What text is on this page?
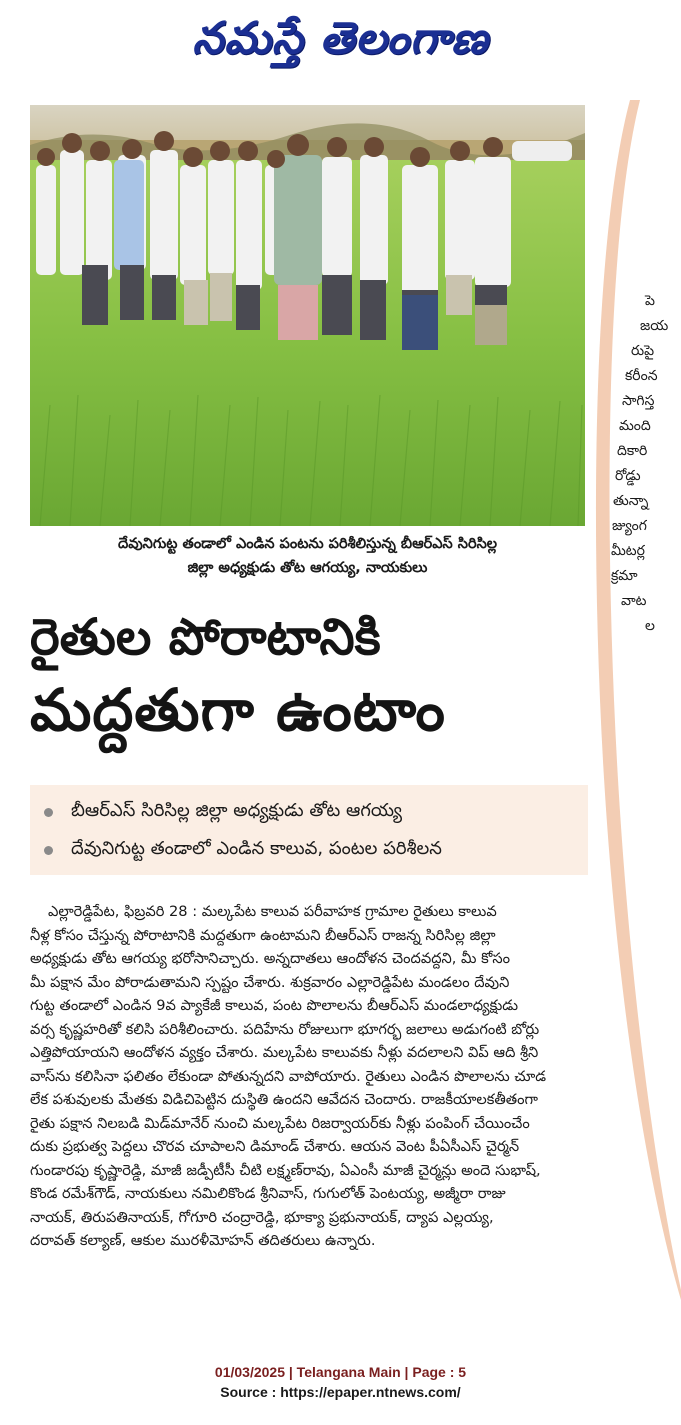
నమస్తే తెలంగాణ
పె
జయ
రుపై
కరీంన
సాగిస్త
మంది
దికారి
రోడ్డు
తున్నా
జ్యుంగ
మీటర్ల
క్రమా
వాట
ల
దేవునిగుట్ట తండాలో ఎండిన పంటను పరిశీలిస్తున్న బీఆర్‌ఎస్ సిరిసిల్ల
జిల్లా అధ్యక్షుడు తోట ఆగయ్య, నాయకులు
రైతుల పోరాటానికి
మద్దతుగా ఉంటాం
బీఆర్‌ఎస్ సిరిసిల్ల జిల్లా అధ్యక్షుడు తోట ఆగయ్య
దేవునిగుట్ట తండాలో ఎండిన కాలువ, పంటల పరిశీలన
ఎల్లారెడ్డిపేట, ఫిబ్రవరి 28 : మల్కపేట కాలువ పరీవాహక గ్రామాల రైతులు కాలువ
నీళ్ల కోసం చేస్తున్న పోరాటానికి మద్దతుగా ఉంటామని బీఆర్‌ఎస్ రాజన్న సిరిసిల్ల జిల్లా
అధ్యక్షుడు తోట ఆగయ్య భరోసానిచ్చారు. అన్నదాతలు ఆందోళన చెందవద్దని, మీ కోసం
మీ పక్షాన మేం పోరాడుతామని స్పష్టం చేశారు. శుక్రవారం ఎల్లారెడ్డిపేట మండలం దేవుని
గుట్ట తండాలో ఎండిన 9వ ప్యాకేజీ కాలువ, పంట పొలాలను బీఆర్‌ఎస్ మండలాధ్యక్షుడు
వర్స కృష్ణహరితో కలిసి పరిశీలించారు. పదిహేను రోజులుగా భూగర్భ జలాలు అడుగంటి బోర్లు
ఎత్తిపోయాయని ఆందోళన వ్యక్తం చేశారు. మల్కపేట కాలువకు నీళ్లు వదలాలని విప్ ఆది శ్రీని
వాస్‌ను కలిసినా ఫలితం లేకుండా పోతున్నదని వాపోయారు. రైతులు ఎండిన పొలాలను చూడ
లేక పశువులకు మేతకు విడిచిపెట్టిన దుస్థితి ఉందని ఆవేదన చెందారు. రాజకీయాలకతీతంగా
రైతు పక్షాన నిలబడి మిడ్‌మానేర్ నుంచి మల్కపేట రిజర్వాయర్‌కు నీళ్లు పంపింగ్ చేయించేం
దుకు ప్రభుత్వ పెద్దలు చొరవ చూపాలని డిమాండ్ చేశారు. ఆయన వెంట పీఏసీఎస్ చైర్మన్
గుండారపు కృష్ణారెడ్డి, మాజీ జడ్పీటీసీ చీటి లక్ష్మణ్‌రావు, ఏఎంసీ మాజీ చైర్మన్లు అందె సుభాష్,
కొండ రమేశ్‌గౌడ్, నాయకులు నమిలికొండ శ్రీనివాస్, గుగులోత్ పెంటయ్య, అజ్మీరా రాజు
నాయక్, తిరుపతినాయక్, గోగూరి చంద్రారెడ్డి, భూక్యా ప్రభునాయక్, ద్యాప ఎల్లయ్య,
దరావత్ కల్యాణ్, ఆకుల మురళీమోహన్ తదితరులు ఉన్నారు.
01/03/2025 | Telangana Main | Page : 5
Source : https://epaper.ntnews.com/
